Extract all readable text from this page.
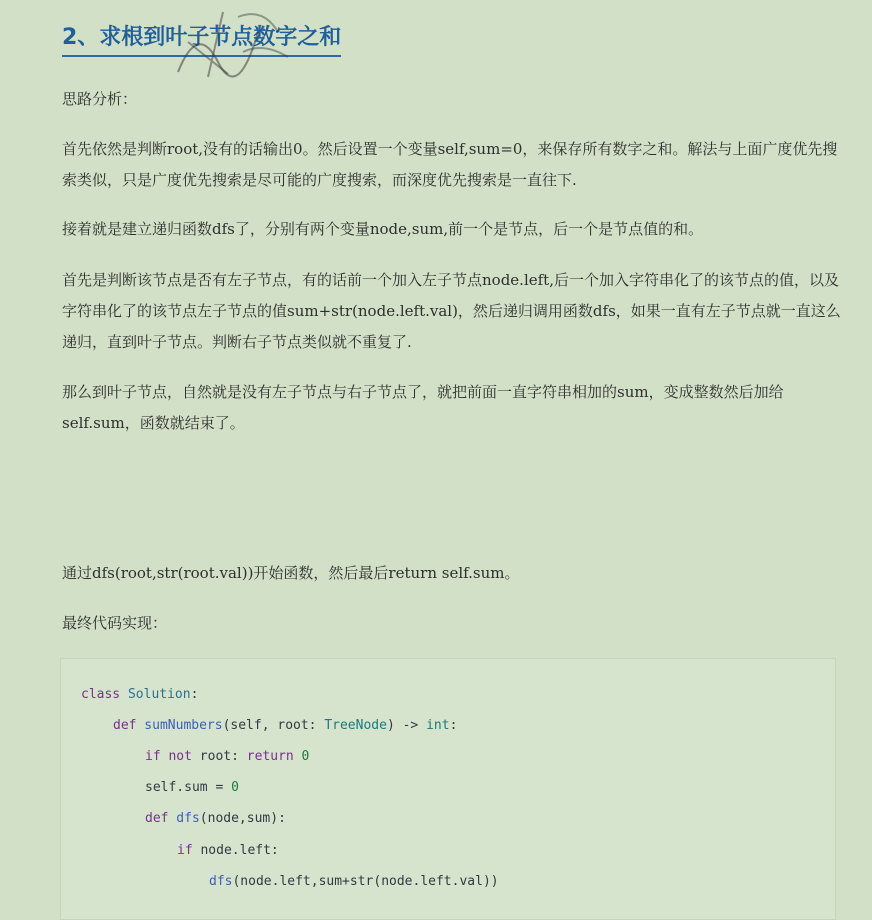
2、求根到叶子节点数字之和
思路分析：
首先依然是判断root,没有的话输出0。然后设置一个变量self,sum=0，来保存所有数字之和。解法与上面广度优先搜索类似，只是广度优先搜索是尽可能的广度搜索，而深度优先搜索是一直往下.
接着就是建立递归函数dfs了，分别有两个变量node,sum,前一个是节点，后一个是节点值的和。
首先是判断该节点是否有左子节点，有的话前一个加入左子节点node.left,后一个加入字符串化了的该节点的值，以及字符串化了的该节点左子节点的值sum+str(node.left.val)，然后递归调用函数dfs，如果一直有左子节点就一直这么递归，直到叶子节点。判断右子节点类似就不重复了.
那么到叶子节点，自然就是没有左子节点与右子节点了，就把前面一直字符串相加的sum，变成整数然后加给self.sum，函数就结束了。
通过dfs(root,str(root.val))开始函数，然后最后return self.sum。
最终代码实现：
class Solution:
def sumNumbers(self, root: TreeNode) -> int:
if not root: return 0
self.sum = 0
def dfs(node,sum):
if node.left:
dfs(node.left,sum+str(node.left.val))
